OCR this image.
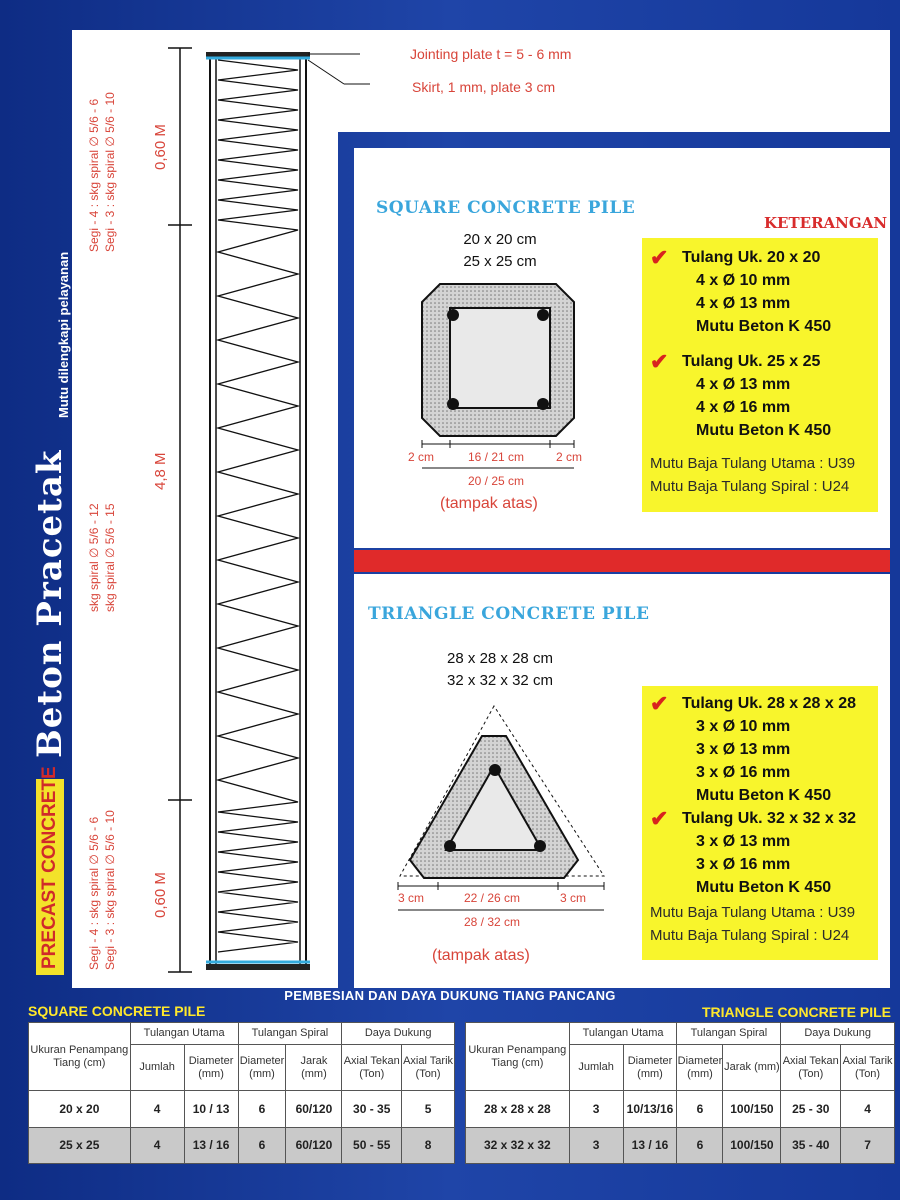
PRECAST CONCRETE
Beton Pracetak
Mutu dilengkapi pelayanan
Segi - 4 : skg spiral ∅ 5/6 - 6 Segi - 3 : skg spiral ∅ 5/6 - 10
skg spiral ∅ 5/6 - 12 skg spiral ∅ 5/6 - 15
Segi - 4 : skg spiral ∅ 5/6 - 6 Segi - 3 : skg spiral ∅ 5/6 - 10
0,60 M
4,8 M
0,60 M
Jointing plate t = 5 - 6 mm
Skirt, 1 mm, plate 3 cm
SQUARE CONCRETE PILE
20 x 20 cm
25 x 25 cm
2 cm	16 / 21 cm	2 cm
20 / 25 cm
(tampak atas)
KETERANGAN
✔ Tulang Uk. 20 x 20
4 x Ø 10 mm
4 x Ø 13 mm
Mutu Beton K 450
✔ Tulang Uk. 25 x 25
4 x Ø 13 mm
4 x Ø 16 mm
Mutu Beton K 450
Mutu Baja Tulang Utama : U39
Mutu Baja Tulang Spiral : U24
TRIANGLE CONCRETE PILE
28 x 28 x 28 cm
32 x 32 x 32 cm
3 cm	22 / 26 cm	3 cm
28 / 32 cm
(tampak atas)
✔ Tulang Uk. 28 x 28 x 28
3 x Ø 10 mm
3 x Ø 13 mm
3 x Ø 16 mm
Mutu Beton K 450
✔ Tulang Uk. 32 x 32 x 32
3 x Ø 13 mm
3 x Ø 16 mm
Mutu Beton K 450
Mutu Baja Tulang Utama : U39
Mutu Baja Tulang Spiral : U24
PEMBESIAN DAN DAYA DUKUNG TIANG PANCANG
SQUARE CONCRETE PILE	TRIANGLE CONCRETE PILE
Ukuran Penampang Tiang (cm)	Tulangan Utama		Tulangan Spiral		Daya Dukung	
	Jumlah	Diameter (mm)	Diameter (mm)	Jarak (mm)	Axial Tekan (Ton)	Axial Tarik (Ton)
20 x 20	4	10 / 13	6	60/120	30 - 35	5
25 x 25	4	13 / 16	6	60/120	50 - 55	8
Ukuran Penampang Tiang (cm)	Tulangan Utama		Tulangan Spiral		Daya Dukung	
	Jumlah	Diameter (mm)	Diameter (mm)	Jarak (mm)	Axial Tekan (Ton)	Axial Tarik (Ton)
28 x 28 x 28	3	10/13/16	6	100/150	25 - 30	4
32 x 32 x 32	3	13 / 16	6	100/150	35 - 40	7
